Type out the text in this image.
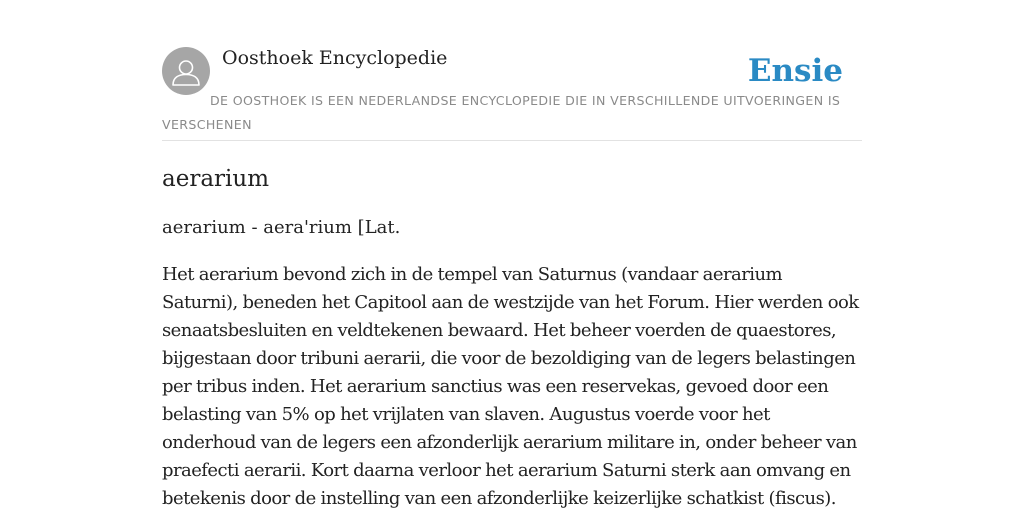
Oosthoek Encyclopedie	Ensie

DE OOSTHOEK IS EEN NEDERLANDSE ENCYCLOPEDIE DIE IN VERSCHILLENDE UITVOERINGEN IS VERSCHENEN

aerarium

aerarium - aera'rium [Lat.

Het aerarium bevond zich in de tempel van Saturnus (vandaar aerarium Saturni), beneden het Capitool aan de westzijde van het Forum. Hier werden ook senaatsbesluiten en veldtekenen bewaard. Het beheer voerden de quaestores, bijgestaan door tribuni aerarii, die voor de bezoldiging van de legers belastingen per tribus inden. Het aerarium sanctius was een reservekas, gevoed door een belasting van 5% op het vrijlaten van slaven. Augustus voerde voor het onderhoud van de legers een afzonderlijk aerarium militare in, onder beheer van praefecti aerarii. Kort daarna verloor het aerarium Saturni sterk aan omvang en betekenis door de instelling van een afzonderlijke keizerlijke schatkist (fiscus).
